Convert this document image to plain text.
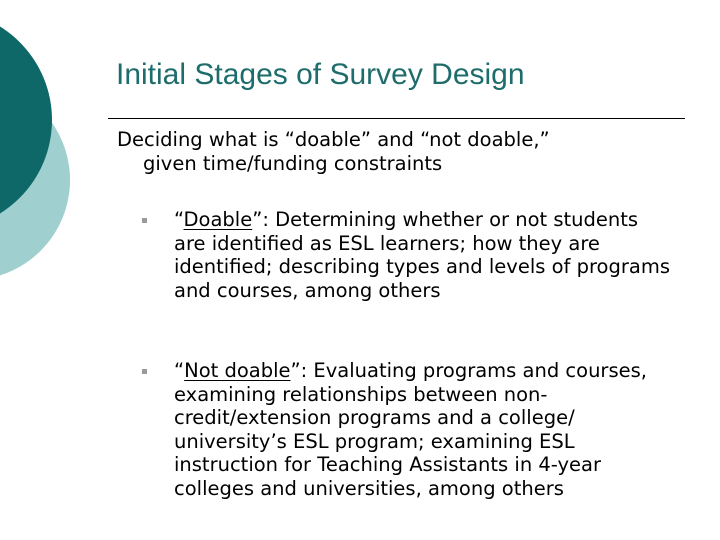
Initial Stages of Survey Design
Deciding what is “doable” and “not doable,”
given time/funding constraints
“Doable”: Determining whether or not students are identified as ESL learners; how they are identified; describing types and levels of programs and courses, among others
“Not doable”: Evaluating programs and courses, examining relationships between non-credit/extension programs and a college/ university’s ESL program; examining ESL instruction for Teaching Assistants in 4-year colleges and universities, among others
